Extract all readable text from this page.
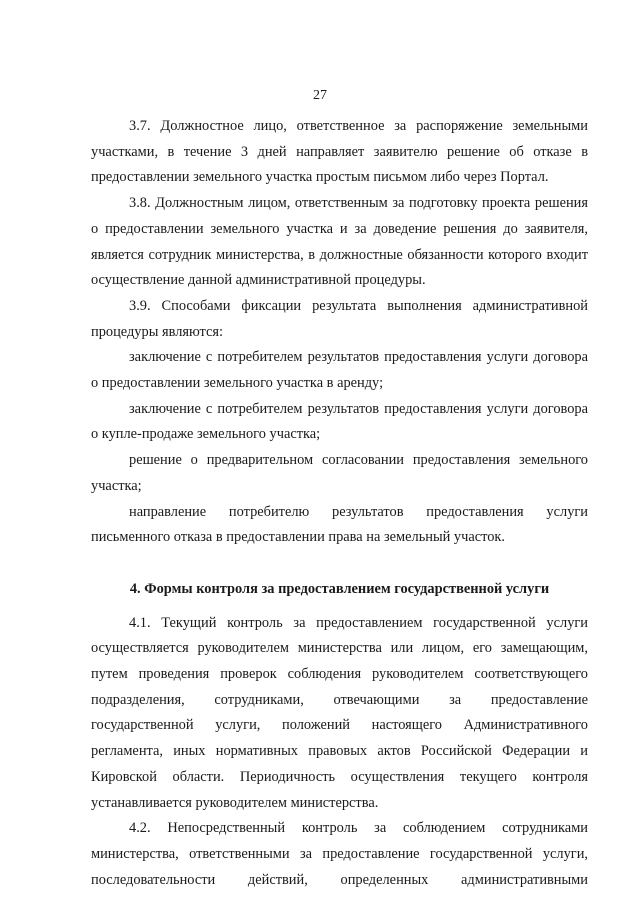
27

3.7. Должностное лицо, ответственное за распоряжение земельными участками, в течение 3 дней направляет заявителю решение об отказе в предоставлении земельного участка простым письмом либо через Портал.

3.8. Должностным лицом, ответственным за подготовку проекта решения о предоставлении земельного участка и за доведение решения до заявителя, является сотрудник министерства, в должностные обязанности которого входит осуществление данной административной процедуры.

3.9. Способами фиксации результата выполнения административной процедуры являются:

заключение с потребителем результатов предоставления услуги договора о предоставлении земельного участка в аренду;

заключение с потребителем результатов предоставления услуги договора о купле-продаже земельного участка;

решение о предварительном согласовании предоставления земельного участка;

направление потребителю результатов предоставления услуги письменного отказа в предоставлении права на земельный участок.

4. Формы контроля за предоставлением государственной услуги

4.1. Текущий контроль за предоставлением государственной услуги осуществляется руководителем министерства или лицом, его замещающим, путем проведения проверок соблюдения руководителем соответствующего подразделения, сотрудниками, отвечающими за предоставление государственной услуги, положений настоящего Административного регламента, иных нормативных правовых актов Российской Федерации и Кировской области. Периодичность осуществления текущего контроля устанавливается руководителем министерства.

4.2. Непосредственный контроль за соблюдением сотрудниками министерства, ответственными за предоставление государственной услуги, последовательности действий, определенных административными
